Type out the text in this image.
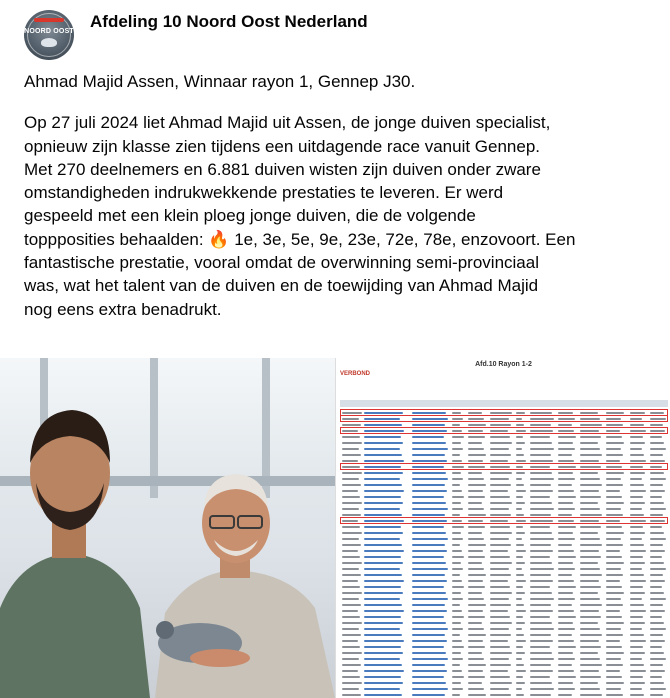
NOORD OOST
Afdeling 10 Noord Oost Nederland

Ahmad Majid Assen, Winnaar rayon 1, Gennep J30.

Op 27 juli 2024 liet Ahmad Majid uit Assen, de jonge duiven specialist,
opnieuw zijn klasse zien tijdens een uitdagende race vanuit Gennep.
Met 270 deelnemers en 6.881 duiven wisten zijn duiven onder zware
omstandigheden indrukwekkende prestaties te leveren. Er werd
gespeeld met een klein ploeg jonge duiven, die de volgende
toppposities behaalden: 🔥 1e, 3e, 5e, 9e, 23e, 72e, 78e, enzovoort. Een
fantastische prestatie, vooral omdat de overwinning semi-provinciaal
was, wat het talent van de duiven en de toewijding van Ahmad Majid
nog eens extra benadrukt.

Afd.10 Rayon 1-2
VERBOND
